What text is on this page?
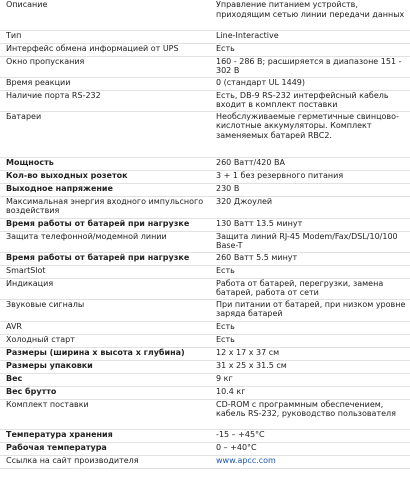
Описание	Управление питанием устройств, приходящим сетью линии передачи данных
Тип	Line-Interactive
Интерфейс обмена информацией от UPS	Есть
Окно пропускания	160 - 286 В; расширяется в диапазоне 151 - 302 В
Время реакции	0 (стандарт UL 1449)
Наличие порта RS-232	Есть, DB-9 RS-232 интерфейсный кабель входит в комплект поставки
Батареи	Необслуживаемые герметичные свинцово-кислотные аккумуляторы. Комплект заменяемых батарей RBC2.
Мощность	260 Ватт/420 ВА
Кол-во выходных розеток	3 + 1 без резервного питания
Выходное напряжение	230 В
Максимальная энергия входного импульсного воздействия	320 Джоулей
Время работы от батарей при нагрузке	130 Ватт 13.5 минут
Защита телефонной/модемной линии	Защита линий RJ-45 Modem/Fax/DSL/10/100 Base-T
Время работы от батарей при нагрузке	260 Ватт 5.5 минут
SmartSlot	Есть
Индикация	Работа от батарей, перегрузки, замена батарей, работа от сети
Звуковые сигналы	При питании от батарей, при низком уровне заряда батарей
AVR	Есть
Холодный старт	Есть
Размеры (ширина x высота x глубина)	12 x 17 x 37 см
Размеры упаковки	31 x 25 x 31.5 см
Вес	9 кг
Вес брутто	10.4 кг
Комплект поставки	CD-ROM с программным обеспечением, кабель RS-232, руководство пользователя
Температура хранения	-15 – +45°C
Рабочая температура	0 – +40°C
Ссылка на сайт производителя	www.apcc.com
